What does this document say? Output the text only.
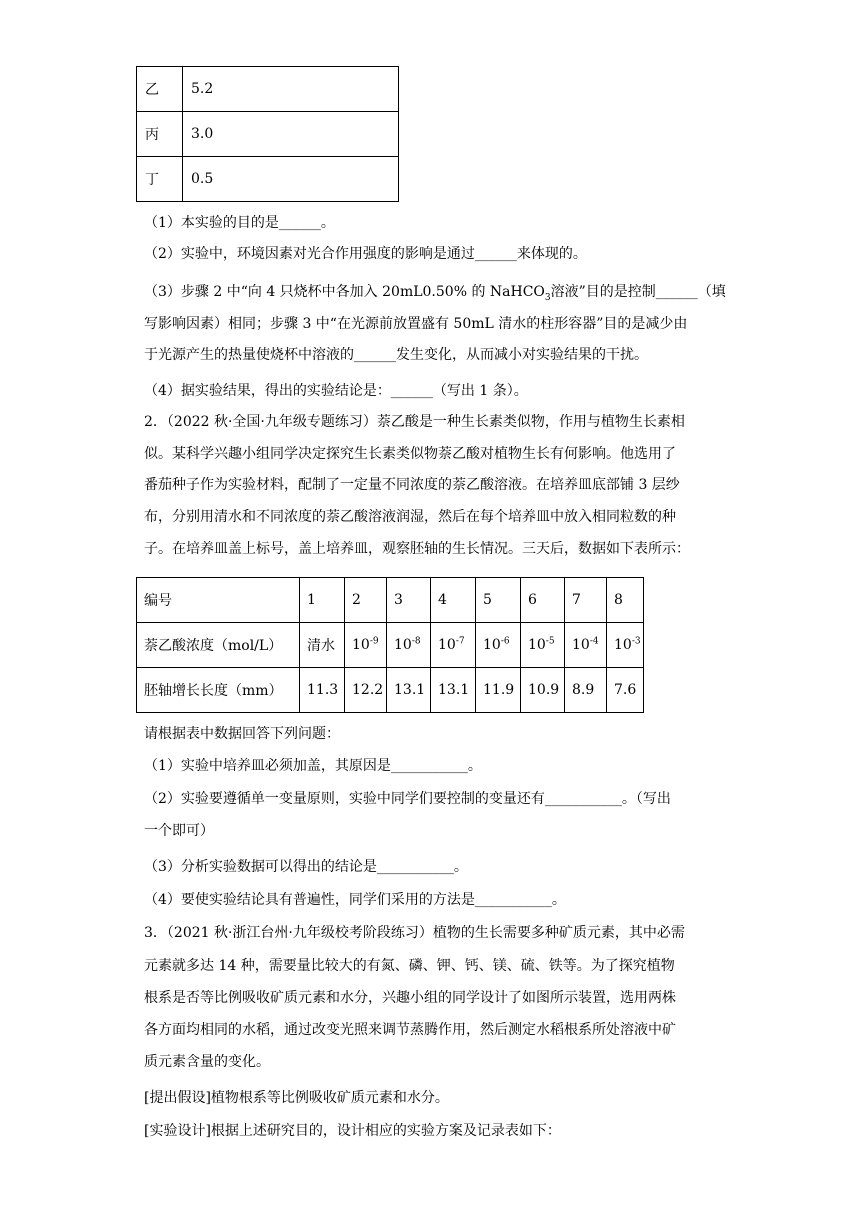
乙	5.2
丙	3.0
丁	0.5
（1）本实验的目的是______。
（2）实验中，环境因素对光合作用强度的影响是通过______来体现的。
（3）步骤 2 中“向 4 只烧杯中各加入 20mL0.50% 的 NaHCO$_3$溶液”目的是控制______（填
写影响因素）相同；步骤 3 中“在光源前放置盛有 50mL 清水的柱形容器”目的是减少由
于光源产生的热量使烧杯中溶液的______发生变化，从而减小对实验结果的干扰。
（4）据实验结果，得出的实验结论是：______（写出 1 条）。
2．（2022 秋·全国·九年级专题练习）萘乙酸是一种生长素类似物，作用与植物生长素相
似。某科学兴趣小组同学决定探究生长素类似物萘乙酸对植物生长有何影响。他选用了
番茄种子作为实验材料，配制了一定量不同浓度的萘乙酸溶液。在培养皿底部铺 3 层纱
布，分别用清水和不同浓度的萘乙酸溶液润湿，然后在每个培养皿中放入相同粒数的种
子。在培养皿盖上标号，盖上培养皿，观察胚轴的生长情况。三天后，数据如下表所示：
编号	1	2	3	4	5	6	7	8
萘乙酸浓度（mol/L）	清水	$10^{-9}$	$10^{-8}$	$10^{-7}$	$10^{-6}$	$10^{-5}$	$10^{-4}$	$10^{-3}$
胚轴增长长度（mm）	11.3	12.2	13.1	13.1	11.9	10.9	8.9	7.6
请根据表中数据回答下列问题：
（1）实验中培养皿必须加盖，其原因是___________。
（2）实验要遵循单一变量原则，实验中同学们要控制的变量还有___________。（写出
一个即可）
（3）分析实验数据可以得出的结论是___________。
（4）要使实验结论具有普遍性，同学们采用的方法是___________。
3．（2021 秋·浙江台州·九年级校考阶段练习）植物的生长需要多种矿质元素，其中必需
元素就多达 14 种，需要量比较大的有氮、磷、钾、钙、镁、硫、铁等。为了探究植物
根系是否等比例吸收矿质元素和水分，兴趣小组的同学设计了如图所示装置，选用两株
各方面均相同的水稻，通过改变光照来调节蒸腾作用，然后测定水稻根系所处溶液中矿
质元素含量的变化。
[提出假设]植物根系等比例吸收矿质元素和水分。
[实验设计]根据上述研究目的，设计相应的实验方案及记录表如下：
